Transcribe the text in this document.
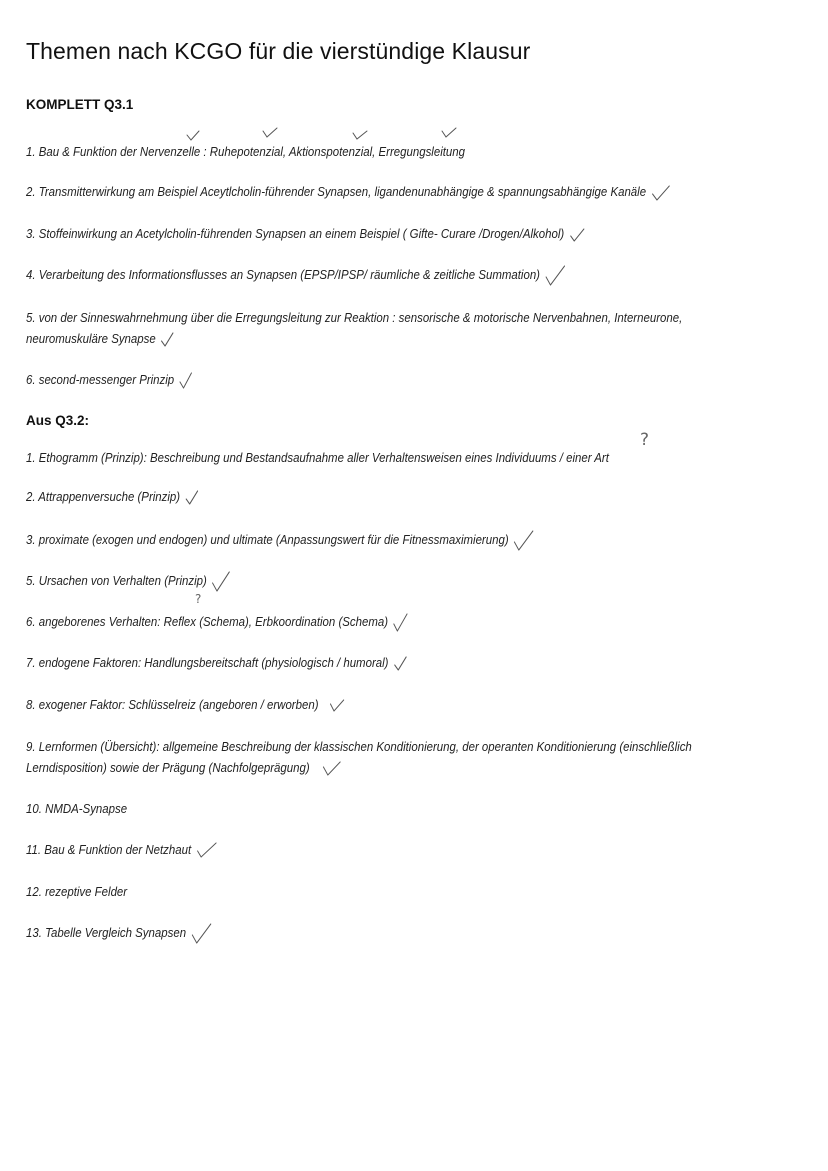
Themen nach KCGO für die vierstündige Klausur
KOMPLETT Q3.1
1. Bau & Funktion der Nervenzelle : Ruhepotenzial, Aktionspotenzial, Erregungsleitung
2. Transmitterwirkung am Beispiel Aceytlcholin-führender Synapsen, ligandenunabhängige & spannungsabhängige Kanäle
3. Stoffeinwirkung an Acetylcholin-führenden Synapsen an einem Beispiel ( Gifte- Curare /Drogen/Alkohol)
4. Verarbeitung des Informationsflusses an Synapsen (EPSP/IPSP/ räumliche & zeitliche Summation)
5. von der Sinneswahrnehmung über die Erregungsleitung zur Reaktion : sensorische & motorische Nervenbahnen, Interneurone, neuromuskuläre Synapse
6. second-messenger Prinzip
Aus Q3.2:
?
1. Ethogramm (Prinzip): Beschreibung und Bestandsaufnahme aller Verhaltensweisen eines Individuums / einer Art
2. Attrappenversuche (Prinzip)
3. proximate (exogen und endogen) und ultimate (Anpassungswert für die Fitnessmaximierung)
5. Ursachen von Verhalten (Prinzip)
?
6. angeborenes Verhalten: Reflex (Schema), Erbkoordination (Schema)
7. endogene Faktoren: Handlungsbereitschaft (physiologisch / humoral)
8. exogener Faktor: Schlüsselreiz (angeboren / erworben)
9. Lernformen (Übersicht): allgemeine Beschreibung der klassischen Konditionierung, der operanten Konditionierung (einschließlich Lerndisposition) sowie der Prägung (Nachfolgeprägung)
10. NMDA-Synapse
11. Bau & Funktion der Netzhaut
12. rezeptive Felder
13. Tabelle Vergleich Synapsen
